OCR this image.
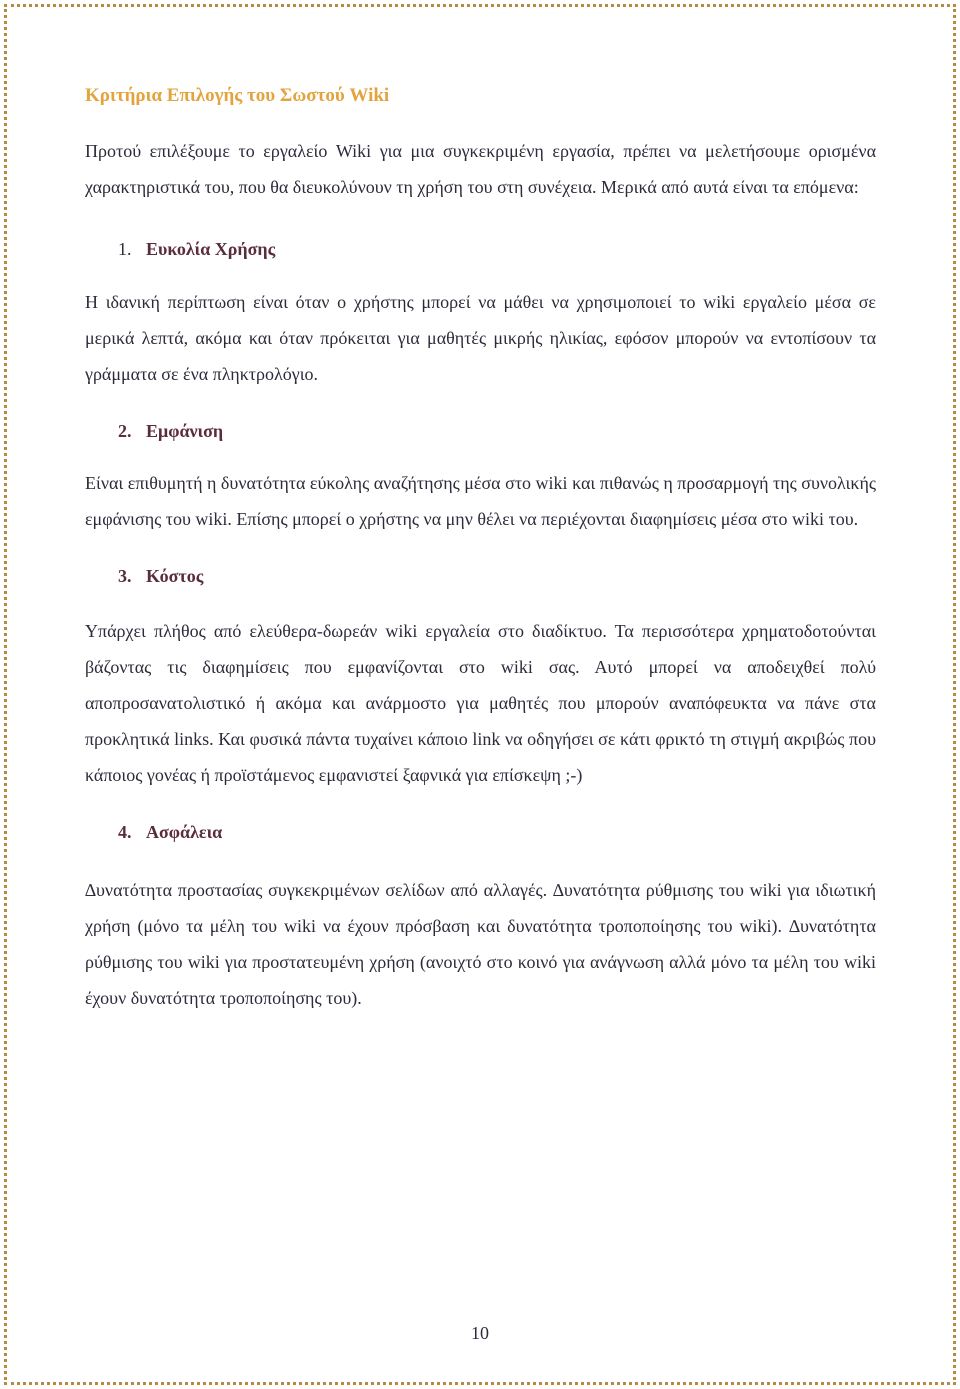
Κριτήρια Επιλογής του Σωστού Wiki

Προτού επιλέξουμε το εργαλείο Wiki για μια συγκεκριμένη εργασία, πρέπει να μελετήσουμε ορισμένα χαρακτηριστικά του, που θα διευκολύνουν τη χρήση του στη συνέχεια. Μερικά από αυτά είναι τα επόμενα:

1. Ευκολία Χρήσης

Η ιδανική περίπτωση είναι όταν ο χρήστης μπορεί να μάθει να χρησιμοποιεί το wiki εργαλείο μέσα σε μερικά λεπτά, ακόμα και όταν πρόκειται για μαθητές μικρής ηλικίας, εφόσον μπορούν να εντοπίσουν τα γράμματα σε ένα πληκτρολόγιο.

2. Εμφάνιση

Είναι επιθυμητή η δυνατότητα εύκολης αναζήτησης μέσα στο wiki και πιθανώς η προσαρμογή της συνολικής εμφάνισης του wiki. Επίσης μπορεί ο χρήστης να μην θέλει να περιέχονται διαφημίσεις μέσα στο wiki του.

3. Κόστος

Υπάρχει πλήθος από ελεύθερα-δωρεάν wiki εργαλεία στο διαδίκτυο. Τα περισσότερα χρηματοδοτούνται βάζοντας τις διαφημίσεις που εμφανίζονται στο wiki σας. Αυτό μπορεί να αποδειχθεί πολύ αποπροσανατολιστικό ή ακόμα και ανάρμοστο για μαθητές που μπορούν αναπόφευκτα να πάνε στα προκλητικά links. Και φυσικά πάντα τυχαίνει κάποιο link να οδηγήσει σε κάτι φρικτό τη στιγμή ακριβώς που κάποιος γονέας ή προϊστάμενος εμφανιστεί ξαφνικά για επίσκεψη ;-)

4. Ασφάλεια

∆υνατότητα προστασίας συγκεκριμένων σελίδων από αλλαγές. ∆υνατότητα ρύθμισης του wiki για ιδιωτική χρήση (μόνο τα μέλη του wiki να έχουν πρόσβαση και δυνατότητα τροποποίησης του wiki). ∆υνατότητα ρύθμισης του wiki για προστατευμένη χρήση (ανοιχτό στο κοινό για ανάγνωση αλλά μόνο τα μέλη του wiki έχουν δυνατότητα τροποποίησης του).

10
